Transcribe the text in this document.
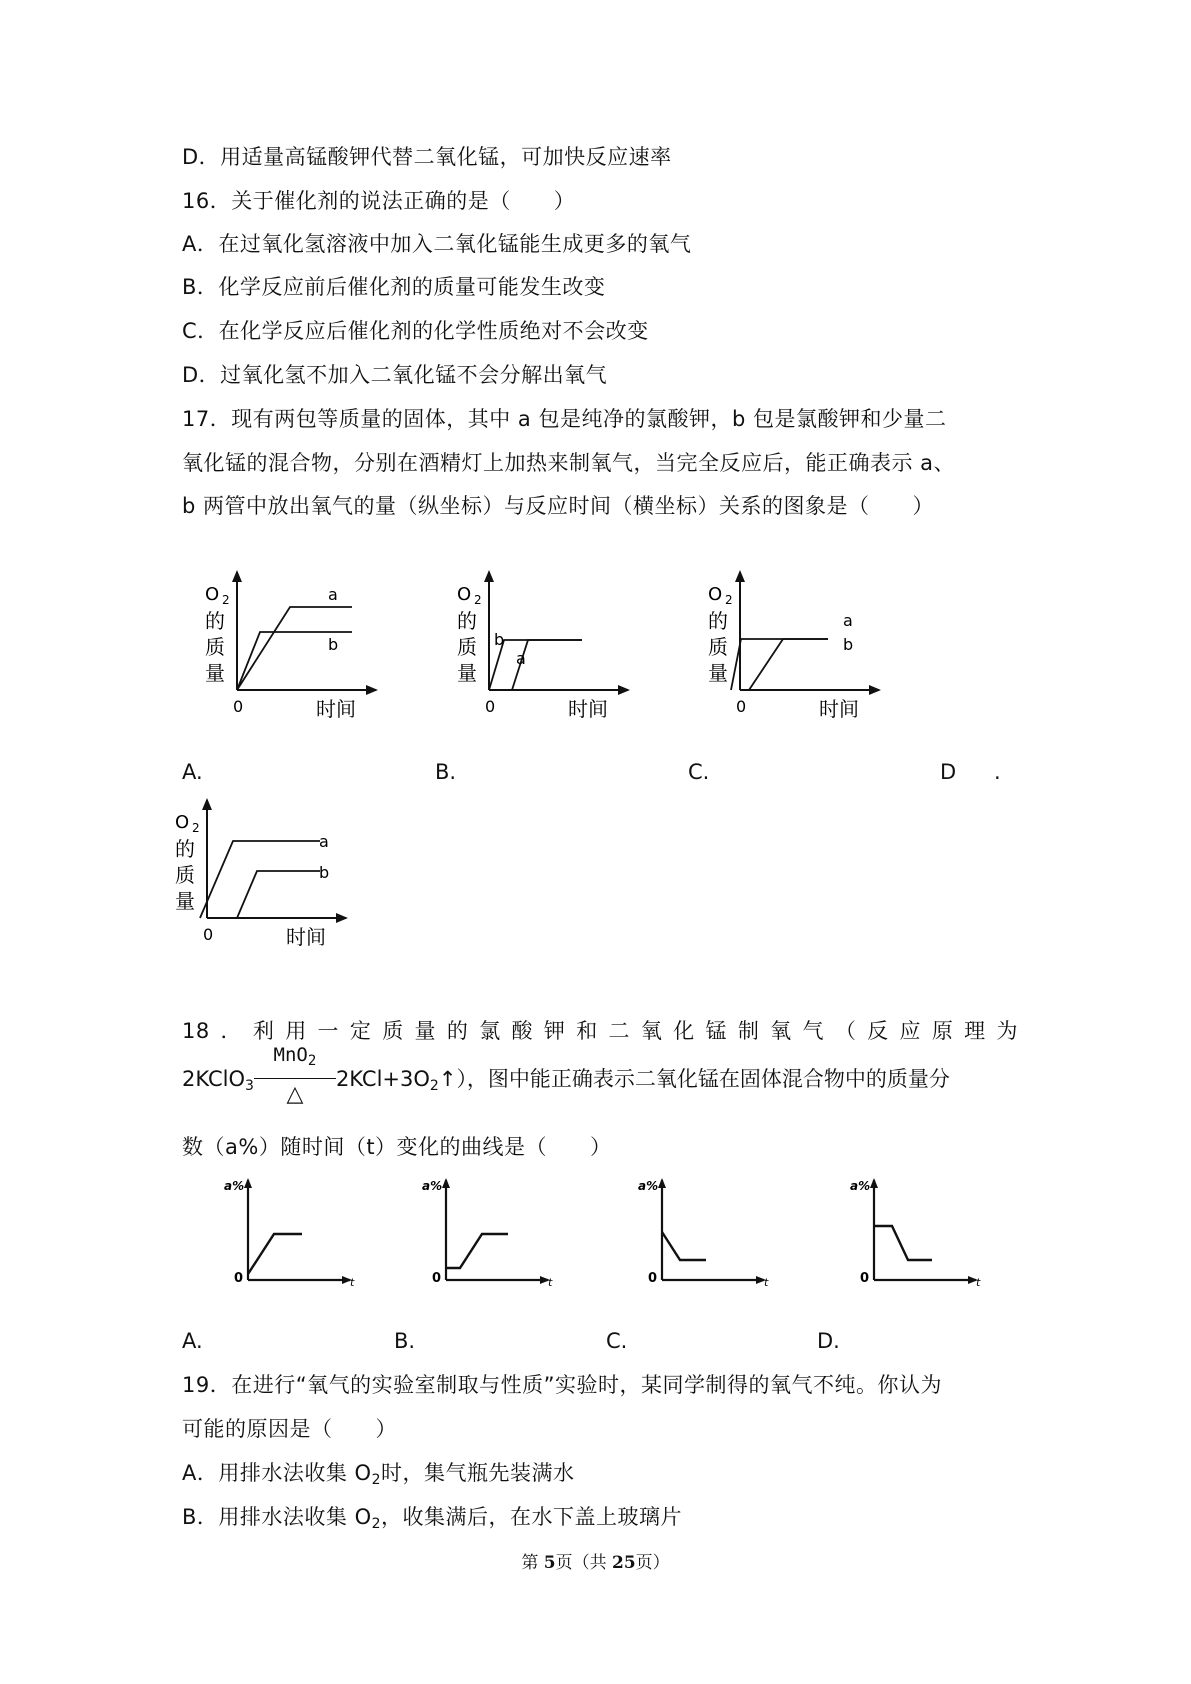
D．用适量高锰酸钾代替二氧化锰，可加快反应速率
16．关于催化剂的说法正确的是（　　）
A．在过氧化氢溶液中加入二氧化锰能生成更多的氧气
B．化学反应前后催化剂的质量可能发生改变
C．在化学反应后催化剂的化学性质绝对不会改变
D．过氧化氢不加入二氧化锰不会分解出氧气
17．现有两包等质量的固体，其中 a 包是纯净的氯酸钾，b 包是氯酸钾和少量二
氧化锰的混合物，分别在酒精灯上加热来制氧气，当完全反应后，能正确表示 a、
b 两管中放出氧气的量（纵坐标）与反应时间（横坐标）关系的图象是（　　）
O 2
的
质
量
0	时间
a
b
O 2
的
质
量
0	时间
a
b
O 2
的
质
量
0	时间
a
b
O 2
的
质
量
0	时间
a
b
A.	B.	C.	D .
18．利用一定质量的氯酸钾和二氧化锰制氧气（反应原理为
2KClO$_3$ $\frac{MnO_2}{\triangle}$ $2KCl+3O_2↑$），图中能正确表示二氧化锰在固体混合物中的质量分
数（a%）随时间（t）变化的曲线是（　　）
a%
0	t
a%
0	t
a%
0	t
a%
0	t
A.	B.	C.	D.
19．在进行“氧气的实验室制取与性质”实验时，某同学制得的氧气不纯。你认为
可能的原因是（　　）
A．用排水法收集 $O_2$时，集气瓶先装满水
B．用排水法收集 $O_2$，收集满后，在水下盖上玻璃片
第 5页（共 25页）
